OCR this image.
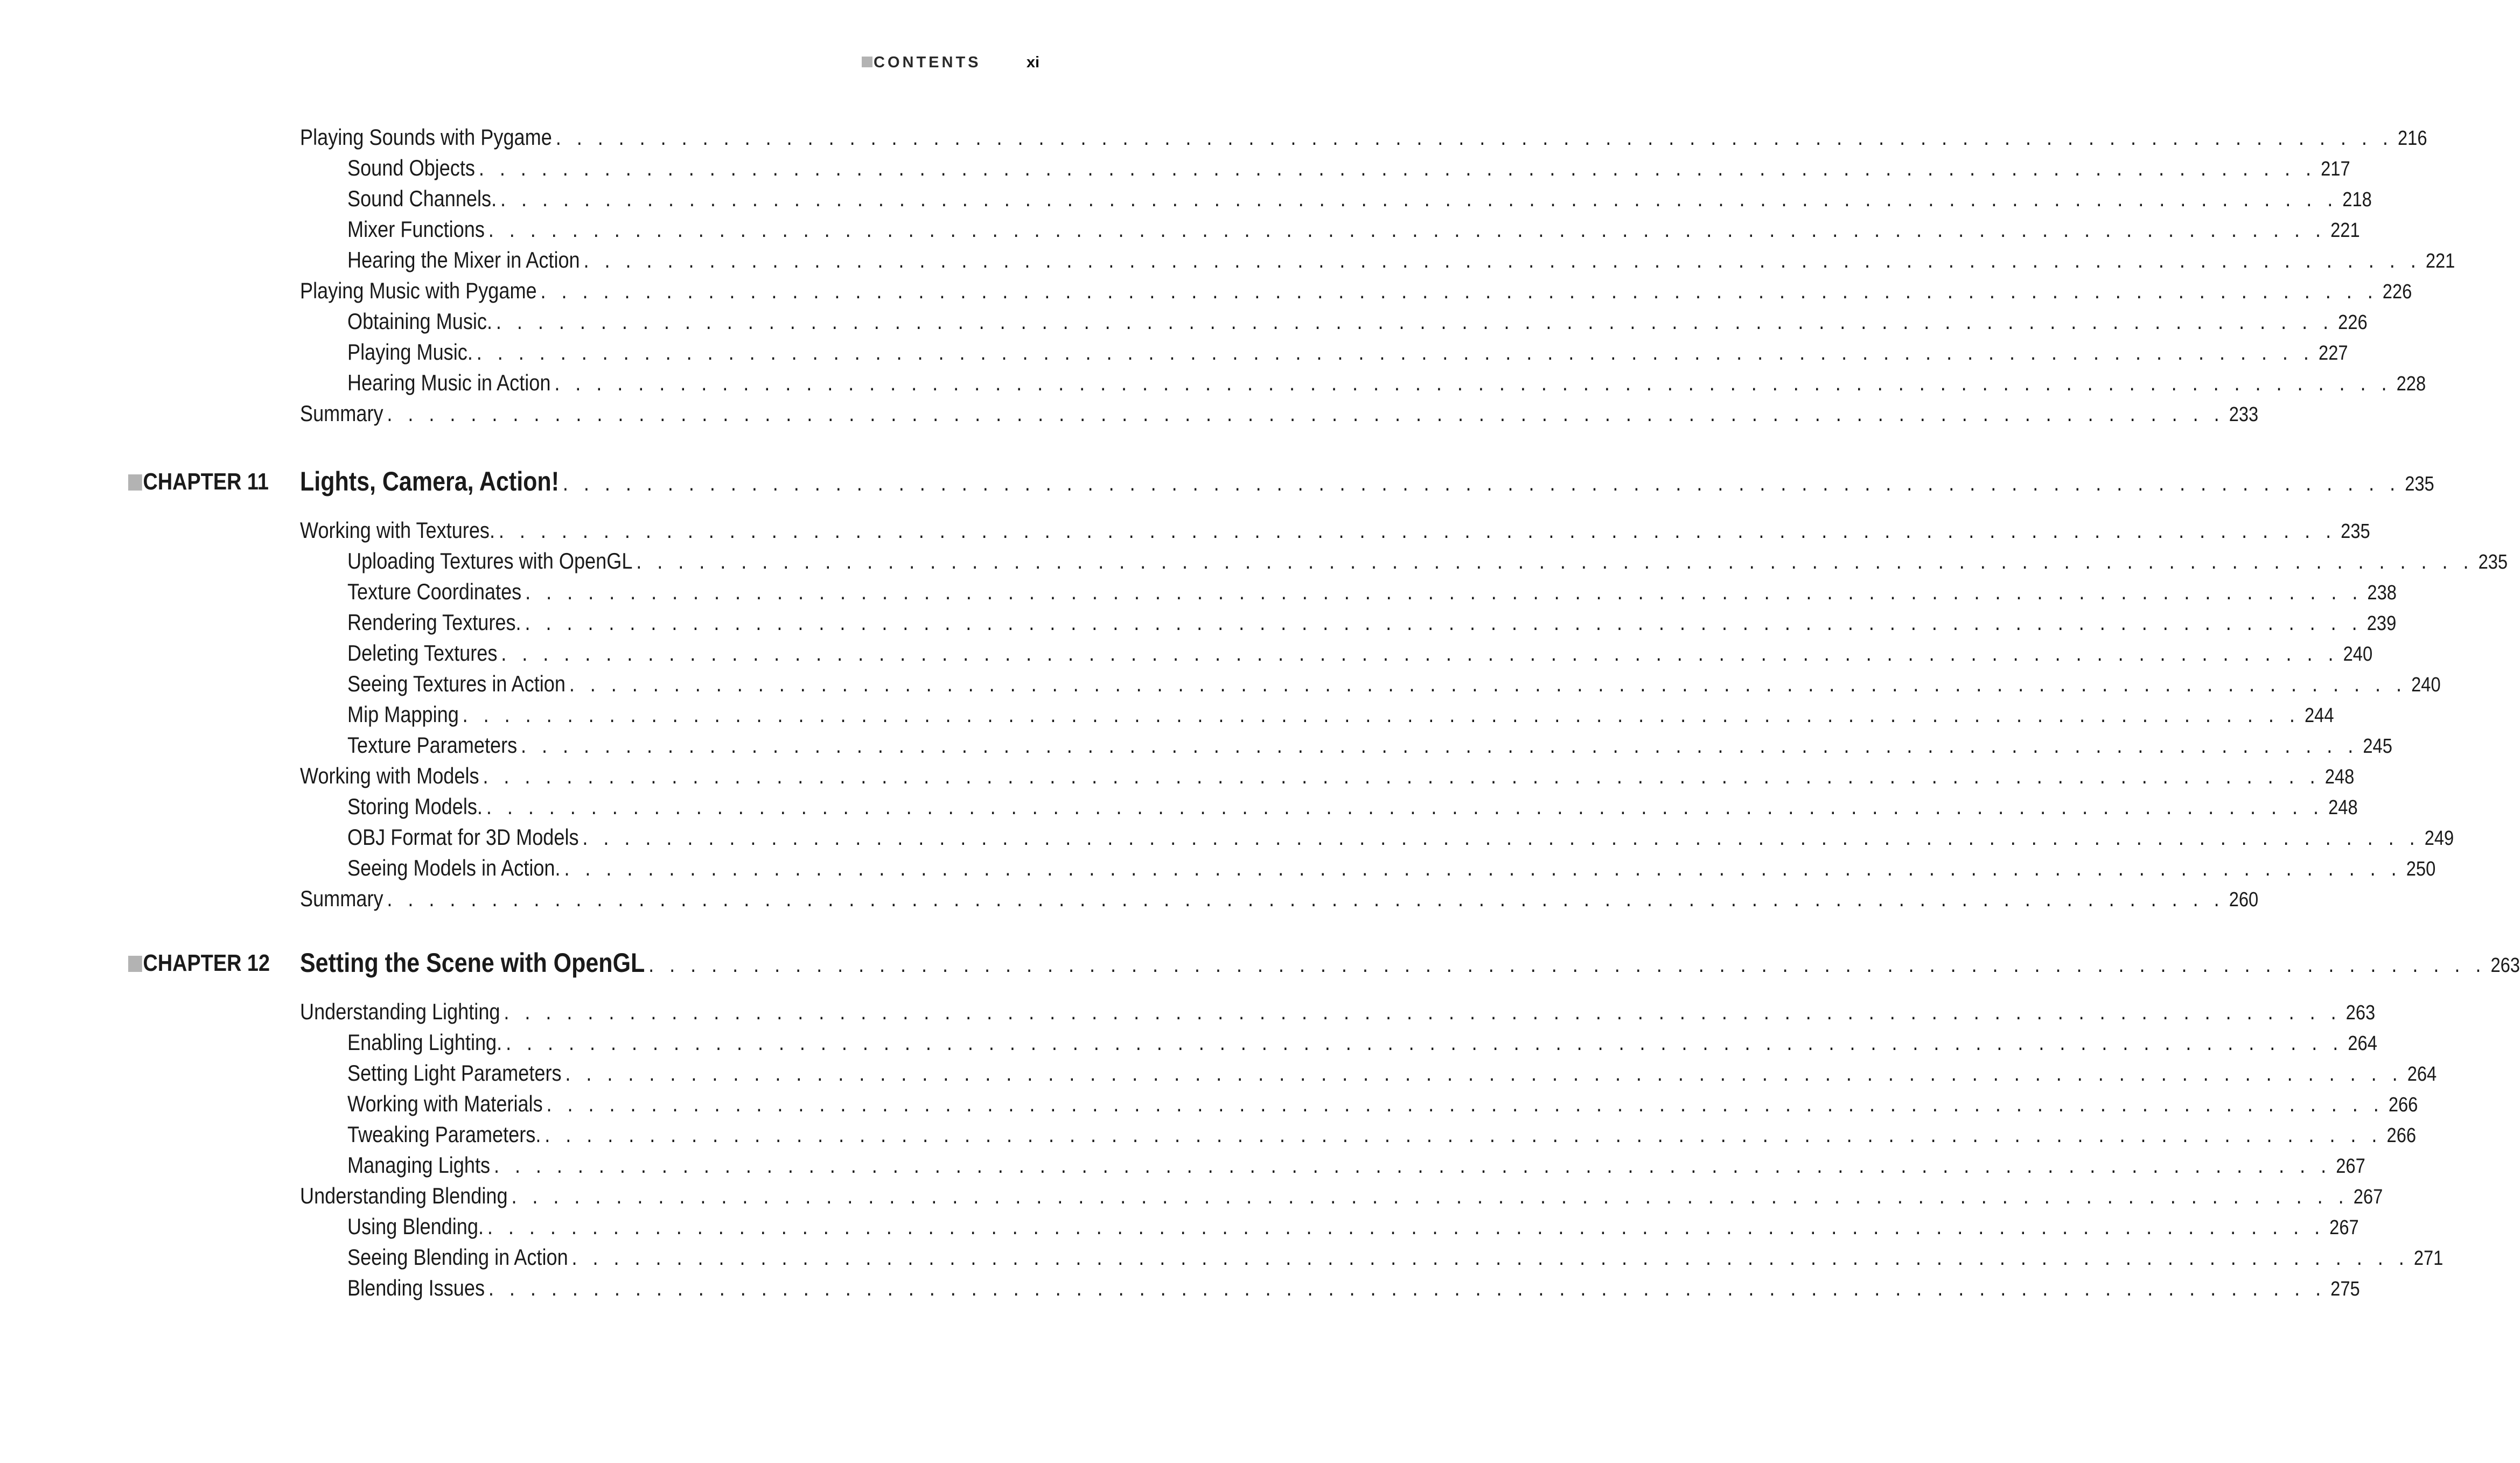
CONTENTS	xi
Playing Sounds with Pygame . . . . . . . . . . . . . . . . . . . . . . . . . . . . . . . . . . . . . . . . . . . . . . . . . . . . . . . . . . . . . . . . . . . . . . . . . . . . . . . . . . . . . . . . 216
Sound Objects . . . . . . . . . . . . . . . . . . . . . . . . . . . . . . . . . . . . . . . . . . . . . . . . . . . . . . . . . . . . . . . . . . . . . . . . . . . . . . . . . . . . . . . . 217
Sound Channels. . . . . . . . . . . . . . . . . . . . . . . . . . . . . . . . . . . . . . . . . . . . . . . . . . . . . . . . . . . . . . . . . . . . . . . . . . . . . . . . . . . . . . . . . 218
Mixer Functions . . . . . . . . . . . . . . . . . . . . . . . . . . . . . . . . . . . . . . . . . . . . . . . . . . . . . . . . . . . . . . . . . . . . . . . . . . . . . . . . . . . . . . . . 221
Hearing the Mixer in Action . . . . . . . . . . . . . . . . . . . . . . . . . . . . . . . . . . . . . . . . . . . . . . . . . . . . . . . . . . . . . . . . . . . . . . . . . . . . . . . . . . . . . . . . 221
Playing Music with Pygame . . . . . . . . . . . . . . . . . . . . . . . . . . . . . . . . . . . . . . . . . . . . . . . . . . . . . . . . . . . . . . . . . . . . . . . . . . . . . . . . . . . . . . . . 226
Obtaining Music. . . . . . . . . . . . . . . . . . . . . . . . . . . . . . . . . . . . . . . . . . . . . . . . . . . . . . . . . . . . . . . . . . . . . . . . . . . . . . . . . . . . . . . . . 226
Playing Music. . . . . . . . . . . . . . . . . . . . . . . . . . . . . . . . . . . . . . . . . . . . . . . . . . . . . . . . . . . . . . . . . . . . . . . . . . . . . . . . . . . . . . . . . 227
Hearing Music in Action . . . . . . . . . . . . . . . . . . . . . . . . . . . . . . . . . . . . . . . . . . . . . . . . . . . . . . . . . . . . . . . . . . . . . . . . . . . . . . . . . . . . . . . . 228
Summary . . . . . . . . . . . . . . . . . . . . . . . . . . . . . . . . . . . . . . . . . . . . . . . . . . . . . . . . . . . . . . . . . . . . . . . . . . . . . . . . . . . . . . . . 233
CHAPTER 11 Lights, Camera, Action! . . . . . . . . . . . . . . . . . . . . . . . . . . . . . . . . . . . . . . . . . . . . . . . . . . . . . . . . . . . . . . . . . . . . . . . . . . . . . . . . . . . . . . . . 235
Working with Textures. . . . . . . . . . . . . . . . . . . . . . . . . . . . . . . . . . . . . . . . . . . . . . . . . . . . . . . . . . . . . . . . . . . . . . . . . . . . . . . . . . . . . . . . . 235
Uploading Textures with OpenGL . . . . . . . . . . . . . . . . . . . . . . . . . . . . . . . . . . . . . . . . . . . . . . . . . . . . . . . . . . . . . . . . . . . . . . . . . . . . . . . . . . . . . . . . 235
Texture Coordinates . . . . . . . . . . . . . . . . . . . . . . . . . . . . . . . . . . . . . . . . . . . . . . . . . . . . . . . . . . . . . . . . . . . . . . . . . . . . . . . . . . . . . . . . 238
Rendering Textures. . . . . . . . . . . . . . . . . . . . . . . . . . . . . . . . . . . . . . . . . . . . . . . . . . . . . . . . . . . . . . . . . . . . . . . . . . . . . . . . . . . . . . . . . 239
Deleting Textures . . . . . . . . . . . . . . . . . . . . . . . . . . . . . . . . . . . . . . . . . . . . . . . . . . . . . . . . . . . . . . . . . . . . . . . . . . . . . . . . . . . . . . . . 240
Seeing Textures in Action . . . . . . . . . . . . . . . . . . . . . . . . . . . . . . . . . . . . . . . . . . . . . . . . . . . . . . . . . . . . . . . . . . . . . . . . . . . . . . . . . . . . . . . . 240
Mip Mapping . . . . . . . . . . . . . . . . . . . . . . . . . . . . . . . . . . . . . . . . . . . . . . . . . . . . . . . . . . . . . . . . . . . . . . . . . . . . . . . . . . . . . . . . 244
Texture Parameters . . . . . . . . . . . . . . . . . . . . . . . . . . . . . . . . . . . . . . . . . . . . . . . . . . . . . . . . . . . . . . . . . . . . . . . . . . . . . . . . . . . . . . . . 245
Working with Models . . . . . . . . . . . . . . . . . . . . . . . . . . . . . . . . . . . . . . . . . . . . . . . . . . . . . . . . . . . . . . . . . . . . . . . . . . . . . . . . . . . . . . . . 248
Storing Models. . . . . . . . . . . . . . . . . . . . . . . . . . . . . . . . . . . . . . . . . . . . . . . . . . . . . . . . . . . . . . . . . . . . . . . . . . . . . . . . . . . . . . . . . 248
OBJ Format for 3D Models . . . . . . . . . . . . . . . . . . . . . . . . . . . . . . . . . . . . . . . . . . . . . . . . . . . . . . . . . . . . . . . . . . . . . . . . . . . . . . . . . . . . . . . . 249
Seeing Models in Action. . . . . . . . . . . . . . . . . . . . . . . . . . . . . . . . . . . . . . . . . . . . . . . . . . . . . . . . . . . . . . . . . . . . . . . . . . . . . . . . . . . . . . . . . 250
Summary . . . . . . . . . . . . . . . . . . . . . . . . . . . . . . . . . . . . . . . . . . . . . . . . . . . . . . . . . . . . . . . . . . . . . . . . . . . . . . . . . . . . . . . . 260
CHAPTER 12 Setting the Scene with OpenGL . . . . . . . . . . . . . . . . . . . . . . . . . . . . . . . . . . . . . . . . . . . . . . . . . . . . . . . . . . . . . . . . . . . . . . . . . . . . . . . . . . . . . . . . 263
Understanding Lighting . . . . . . . . . . . . . . . . . . . . . . . . . . . . . . . . . . . . . . . . . . . . . . . . . . . . . . . . . . . . . . . . . . . . . . . . . . . . . . . . . . . . . . . . 263
Enabling Lighting. . . . . . . . . . . . . . . . . . . . . . . . . . . . . . . . . . . . . . . . . . . . . . . . . . . . . . . . . . . . . . . . . . . . . . . . . . . . . . . . . . . . . . . . . 264
Setting Light Parameters . . . . . . . . . . . . . . . . . . . . . . . . . . . . . . . . . . . . . . . . . . . . . . . . . . . . . . . . . . . . . . . . . . . . . . . . . . . . . . . . . . . . . . . . 264
Working with Materials . . . . . . . . . . . . . . . . . . . . . . . . . . . . . . . . . . . . . . . . . . . . . . . . . . . . . . . . . . . . . . . . . . . . . . . . . . . . . . . . . . . . . . . . 266
Tweaking Parameters. . . . . . . . . . . . . . . . . . . . . . . . . . . . . . . . . . . . . . . . . . . . . . . . . . . . . . . . . . . . . . . . . . . . . . . . . . . . . . . . . . . . . . . . . 266
Managing Lights . . . . . . . . . . . . . . . . . . . . . . . . . . . . . . . . . . . . . . . . . . . . . . . . . . . . . . . . . . . . . . . . . . . . . . . . . . . . . . . . . . . . . . . . 267
Understanding Blending . . . . . . . . . . . . . . . . . . . . . . . . . . . . . . . . . . . . . . . . . . . . . . . . . . . . . . . . . . . . . . . . . . . . . . . . . . . . . . . . . . . . . . . . 267
Using Blending. . . . . . . . . . . . . . . . . . . . . . . . . . . . . . . . . . . . . . . . . . . . . . . . . . . . . . . . . . . . . . . . . . . . . . . . . . . . . . . . . . . . . . . . . 267
Seeing Blending in Action . . . . . . . . . . . . . . . . . . . . . . . . . . . . . . . . . . . . . . . . . . . . . . . . . . . . . . . . . . . . . . . . . . . . . . . . . . . . . . . . . . . . . . . . 271
Blending Issues . . . . . . . . . . . . . . . . . . . . . . . . . . . . . . . . . . . . . . . . . . . . . . . . . . . . . . . . . . . . . . . . . . . . . . . . . . . . . . . . . . . . . . . . 275
